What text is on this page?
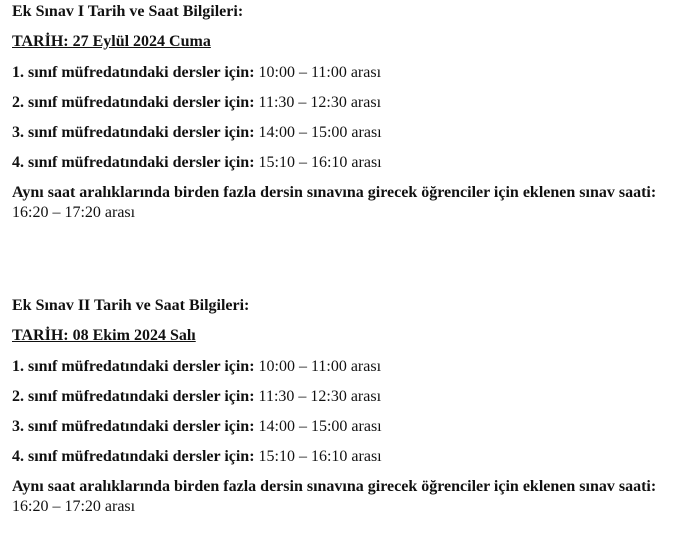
Ek Sınav I Tarih ve Saat Bilgileri:
TARİH: 27 Eylül 2024 Cuma
1. sınıf müfredatındaki dersler için: 10:00 – 11:00 arası
2. sınıf müfredatındaki dersler için: 11:30 – 12:30 arası
3. sınıf müfredatındaki dersler için: 14:00 – 15:00 arası
4. sınıf müfredatındaki dersler için: 15:10 – 16:10 arası
Aynı saat aralıklarında birden fazla dersin sınavına girecek öğrenciler için eklenen sınav saati: 16:20 – 17:20 arası
Ek Sınav II Tarih ve Saat Bilgileri:
TARİH: 08 Ekim 2024 Salı
1. sınıf müfredatındaki dersler için: 10:00 – 11:00 arası
2. sınıf müfredatındaki dersler için: 11:30 – 12:30 arası
3. sınıf müfredatındaki dersler için: 14:00 – 15:00 arası
4. sınıf müfredatındaki dersler için: 15:10 – 16:10 arası
Aynı saat aralıklarında birden fazla dersin sınavına girecek öğrenciler için eklenen sınav saati: 16:20 – 17:20 arası
